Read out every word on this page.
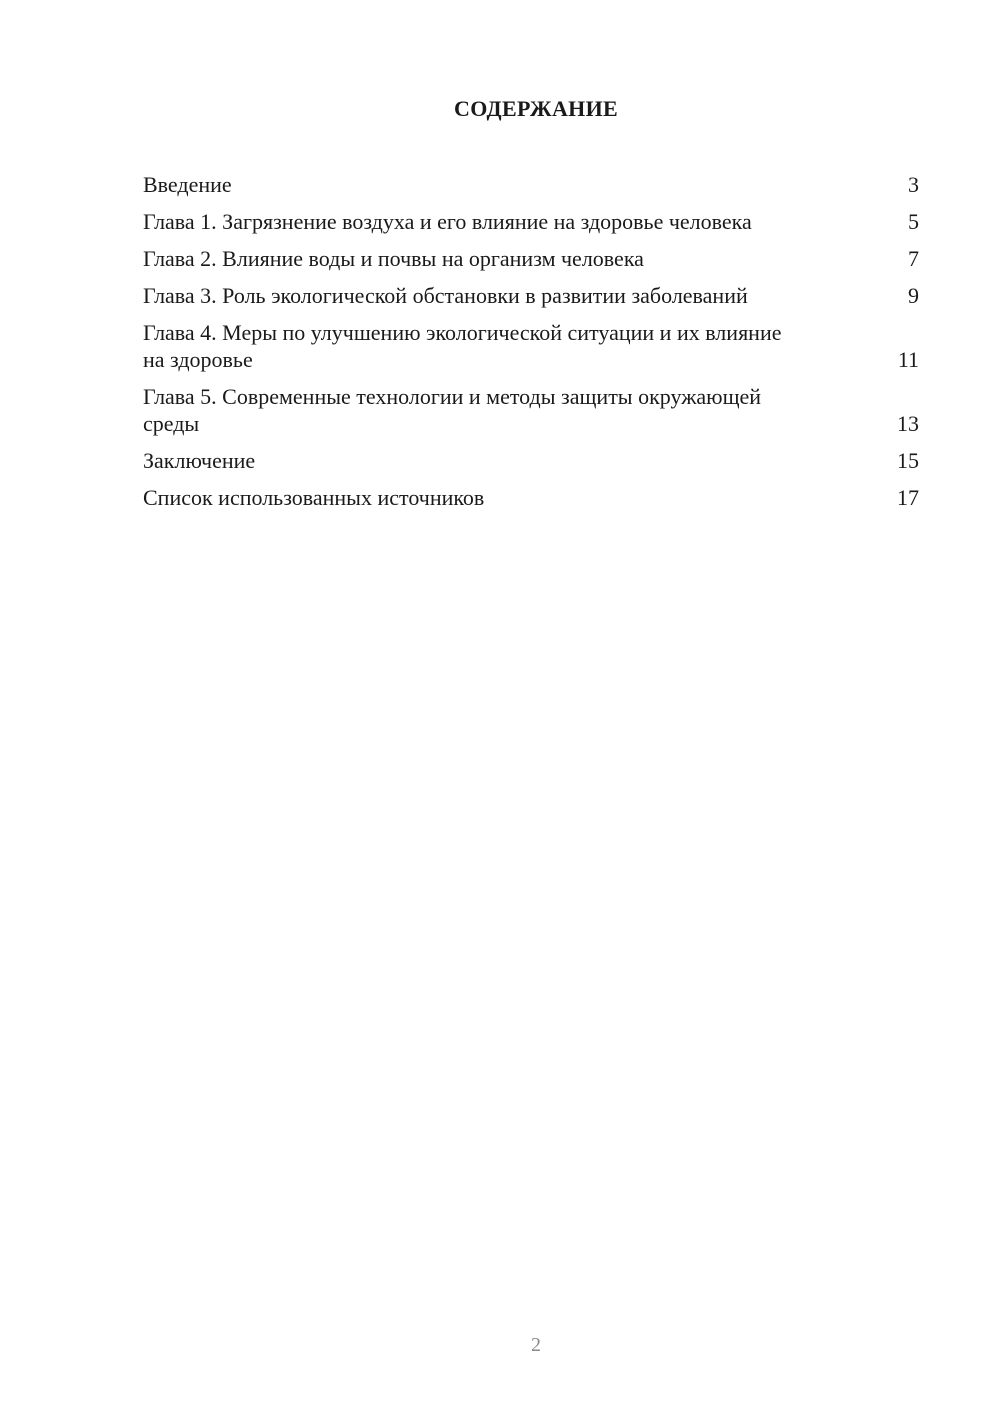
СОДЕРЖАНИЕ
Введение	3
Глава 1. Загрязнение воздуха и его влияние на здоровье человека	5
Глава 2. Влияние воды и почвы на организм человека	7
Глава 3. Роль экологической обстановки в развитии заболеваний	9
Глава 4. Меры по улучшению экологической ситуации и их влияние на здоровье	11
Глава 5. Современные технологии и методы защиты окружающей среды	13
Заключение	15
Список использованных источников	17
2
